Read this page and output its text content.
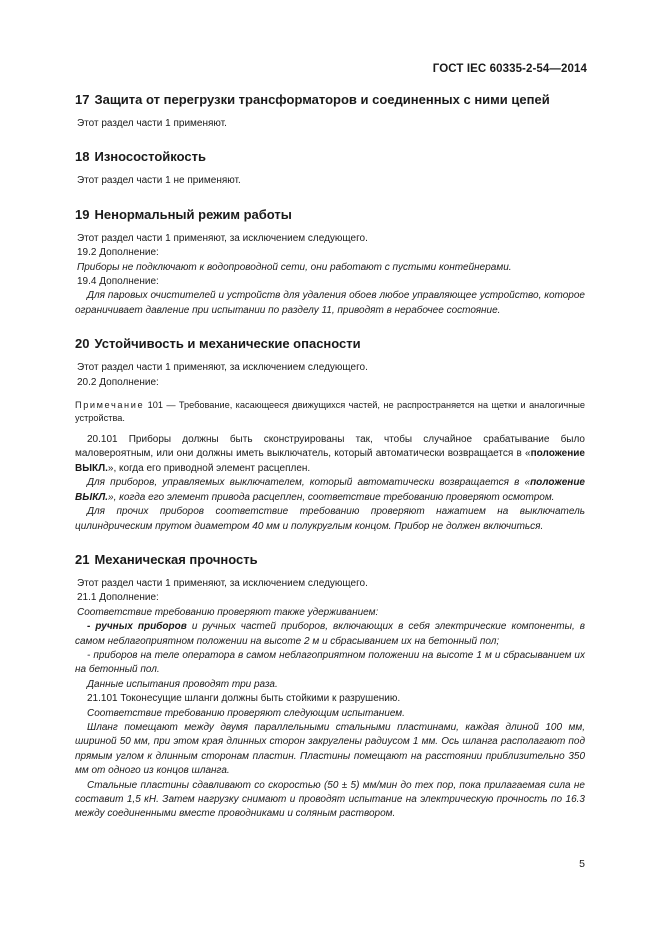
ГОСТ IEC 60335-2-54—2014
17 Защита от перегрузки трансформаторов и соединенных с ними цепей

Этот раздел части 1 применяют.

18 Износостойкость

Этот раздел части 1 не применяют.

19 Ненормальный режим работы

Этот раздел части 1 применяют, за исключением следующего.

19.2 Дополнение:

Приборы не подключают к водопроводной сети, они работают с пустыми контейнерами.

19.4 Дополнение:

Для паровых очистителей и устройств для удаления обоев любое управляющее устройство, которое ограничивает давление при испытании по разделу 11, приводят в нерабочее состояние.

20 Устойчивость и механические опасности

Этот раздел части 1 применяют, за исключением следующего.

20.2 Дополнение:

Примечание 101 — Требование, касающееся движущихся частей, не распространяется на щетки и аналогичные устройства.

20.101 Приборы должны быть сконструированы так, чтобы случайное срабатывание было маловероятным, или они должны иметь выключатель, который автоматически возвращается в «положение ВЫКЛ.», когда его приводной элемент расцеплен.

Для приборов, управляемых выключателем, который автоматически возвращается в «положение ВЫКЛ.», когда его элемент привода расцеплен, соответствие требованию проверяют осмотром.

Для прочих приборов соответствие требованию проверяют нажатием на выключатель цилиндрическим прутом диаметром 40 мм и полукруглым концом. Прибор не должен включиться.

21 Механическая прочность

Этот раздел части 1 применяют, за исключением следующего.

21.1 Дополнение:

Соответствие требованию проверяют также удерживанием:

- ручных приборов и ручных частей приборов, включающих в себя электрические компоненты, в самом неблагоприятном положении на высоте 2 м и сбрасыванием их на бетонный пол;

- приборов на теле оператора в самом неблагоприятном положении на высоте 1 м и сбрасыванием их на бетонный пол.

Данные испытания проводят три раза.

21.101 Токонесущие шланги должны быть стойкими к разрушению.

Соответствие требованию проверяют следующим испытанием.

Шланг помещают между двумя параллельными стальными пластинами, каждая длиной 100 мм, шириной 50 мм, при этом края длинных сторон закруглены радиусом 1 мм. Ось шланга располагают под прямым углом к длинным сторонам пластин. Пластины помещают на расстоянии приблизительно 350 мм от одного из концов шланга.

Стальные пластины сдавливают со скоростью (50 ± 5) мм/мин до тех пор, пока прилагаемая сила не составит 1,5 кН. Затем нагрузку снимают и проводят испытание на электрическую прочность по 16.3 между соединенными вместе проводниками и соляным раствором.

5
